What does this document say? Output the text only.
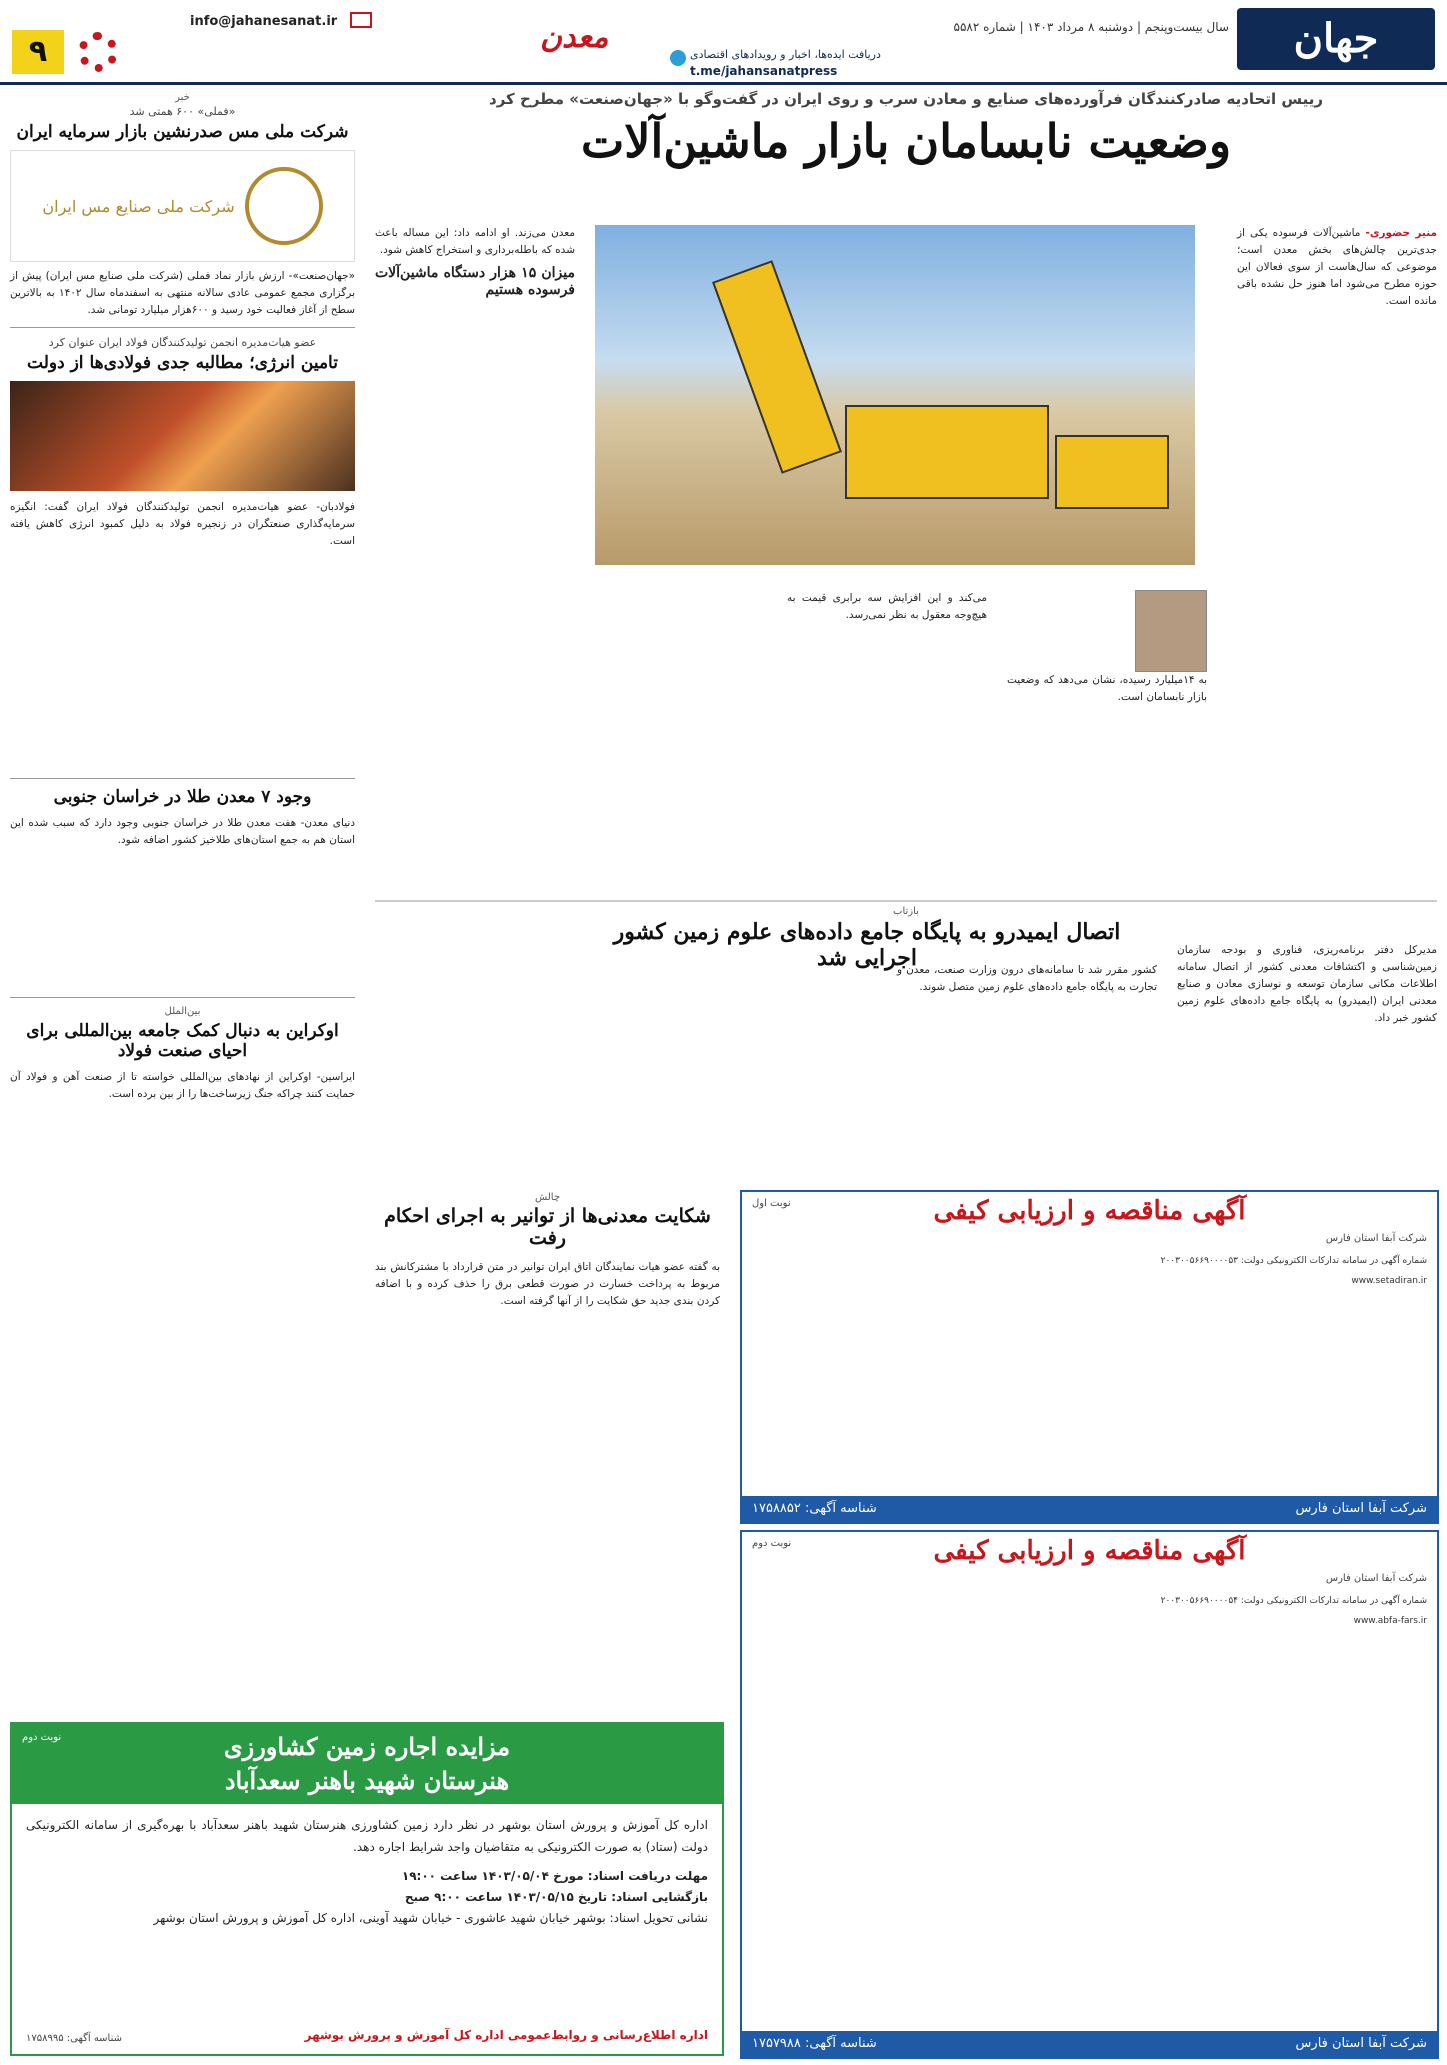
جهان صنعت
سال بیست‌وپنجم | دوشنبه ۸ مرداد ۱۴۰۳ | شماره ۵۵۸۲
معدن	دریافت ایده‌ها، اخبار و رویدادهای اقتصادی
t.me/jahansanatpress
info@jahanesanat.ir
۹
خبر
«فملی» ۶۰۰ همتی شد
شرکت ملی مس صدرنشین بازار سرمایه ایران
شرکت ملی صنایع مس ایران
«جهان‌صنعت»- ارزش بازار نماد فملی (شرکت ملی صنایع مس ایران) پیش از برگزاری مجمع عمومی عادی سالانه منتهی به اسفندماه سال ۱۴۰۲ به بالاترین سطح از آغاز فعالیت خود رسید و ۶۰۰هزار میلیارد تومانی شد.
عضو هیات‌مدیره انجمن تولیدکنندگان فولاد ایران عنوان کرد
تامین انرژی؛ مطالبه جدی فولادی‌ها از دولت
فولادبان- عضو هیات‌مدیره انجمن تولیدکنندگان فولاد ایران گفت: انگیزه سرمایه‌گذاری صنعتگران در زنجیره فولاد به دلیل کمبود انرژی کاهش یافته است.
وجود ۷ معدن طلا در خراسان جنوبی
دنیای معدن- هفت معدن طلا در خراسان جنوبی وجود دارد که سبب شده این استان هم به جمع استان‌های طلاخیز کشور اضافه شود.
بین‌الملل
اوکراین به دنبال کمک جامعه بین‌المللی برای احیای صنعت فولاد
ایراسین- اوکراین از نهادهای بین‌المللی خواسته تا از صنعت آهن و فولاد آن حمایت کنند چراکه جنگ زیرساخت‌ها را از بین برده است.
رییس اتحادیه صادرکنندگان فرآورده‌های صنایع و معادن سرب و روی ایران در گفت‌وگو با «جهان‌صنعت» مطرح کرد
وضعیت نابسامان بازار ماشین‌آلات
منیر حضوری- ماشین‌آلات فرسوده یکی از جدی‌ترین چالش‌های بخش معدن است؛ موضوعی که سال‌هاست از سوی فعالان این حوزه مطرح می‌شود اما هنوز حل نشده باقی مانده است.
معدن می‌زند. او ادامه داد: این مساله باعث شده که باطله‌برداری و استخراج کاهش شود.
میزان ۱۵ هزار دستگاه ماشین‌آلات فرسوده هستیم
به ۱۴میلیارد رسیده، نشان می‌دهد که وضعیت بازار نابسامان است.
می‌کند و این افزایش سه برابری قیمت به هیچ‌وجه معقول به نظر نمی‌رسد.
بازتاب
اتصال ایمیدرو به پایگاه جامع داده‌های علوم زمین کشور اجرایی شد	مدیرکل دفتر برنامه‌ریزی، فناوری و بودجه سازمان زمین‌شناسی و اکتشافات معدنی کشور از اتصال سامانه اطلاعات مکانی سازمان توسعه و نوسازی معادن و صنایع معدنی ایران (ایمیدرو) به پایگاه جامع داده‌های علوم زمین کشور خبر داد.
کشور مقرر شد تا سامانه‌های درون وزارت صنعت، معدن و تجارت به پایگاه جامع داده‌های علوم زمین متصل شوند.
چالش
شکایت معدنی‌ها از توانیر به اجرای احکام رفت
به گفته عضو هیات نمایندگان اتاق ایران توانیر در متن قرارداد با مشترکانش بند مربوط به پرداخت خسارت در صورت قطعی برق را حذف کرده و با اضافه کردن بندی جدید حق شکایت را از آنها گرفته است.
نوبت اول	آگهی مناقصه و ارزیابی کیفی
شرکت آبفا استان فارس
شماره آگهی در سامانه تدارکات الکترونیکی دولت: ۲۰۰۳۰۰۵۶۶۹۰۰۰۰۵۳
www.setadiran.ir
شرکت آبفا استان فارس
شناسه آگهی: ۱۷۵۸۸۵۲
نوبت دوم	آگهی مناقصه و ارزیابی کیفی
شرکت آبفا استان فارس
شماره آگهی در سامانه تدارکات الکترونیکی دولت: ۲۰۰۳۰۰۵۶۶۹۰۰۰۰۵۴
www.abfa-fars.ir
شرکت آبفا استان فارس
شناسه آگهی: ۱۷۵۷۹۸۸
مزایده اجاره زمین کشاورزی
هنرستان شهید باهنر سعدآباد
نوبت دوم
اداره کل آموزش و پرورش استان بوشهر در نظر دارد زمین کشاورزی هنرستان شهید باهنر سعدآباد با بهره‌گیری از سامانه الکترونیکی دولت (ستاد) به صورت الکترونیکی به متقاضیان واجد شرایط اجاره دهد.
مهلت دریافت اسناد: مورخ ۱۴۰۳/۰۵/۰۴ ساعت ۱۹:۰۰
بازگشایی اسناد: تاریخ ۱۴۰۳/۰۵/۱۵ ساعت ۹:۰۰ صبح
نشانی تحویل اسناد: بوشهر خیابان شهید عاشوری - خیابان شهید آوینی، اداره کل آموزش و پرورش استان بوشهر
اداره اطلاع‌رسانی و روابط‌عمومی اداره کل آموزش و پرورش بوشهر
شناسه آگهی: ۱۷۵۸۹۹۵
